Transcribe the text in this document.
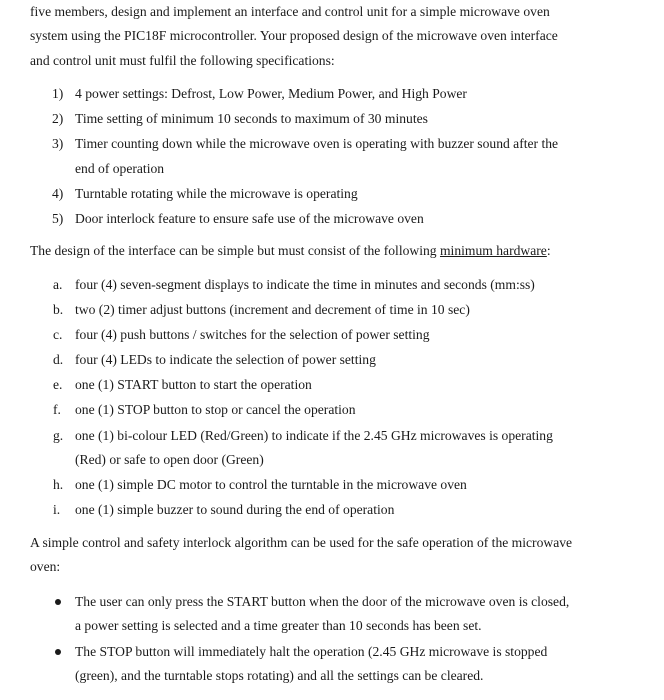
five members, design and implement an interface and control unit for a simple microwave oven
system using the PIC18F microcontroller. Your proposed design of the microwave oven interface
and control unit must fulfil the following specifications:
1) 4 power settings: Defrost, Low Power, Medium Power, and High Power
2) Time setting of minimum 10 seconds to maximum of 30 minutes
3) Timer counting down while the microwave oven is operating with buzzer sound after the
end of operation
4) Turntable rotating while the microwave is operating
5) Door interlock feature to ensure safe use of the microwave oven
The design of the interface can be simple but must consist of the following minimum hardware:
a. four (4) seven-segment displays to indicate the time in minutes and seconds (mm:ss)
b. two (2) timer adjust buttons (increment and decrement of time in 10 sec)
c. four (4) push buttons / switches for the selection of power setting
d. four (4) LEDs to indicate the selection of power setting
e. one (1) START button to start the operation
f. one (1) STOP button to stop or cancel the operation
g. one (1) bi-colour LED (Red/Green) to indicate if the 2.45 GHz microwaves is operating
(Red) or safe to open door (Green)
h. one (1) simple DC motor to control the turntable in the microwave oven
i. one (1) simple buzzer to sound during the end of operation
A simple control and safety interlock algorithm can be used for the safe operation of the microwave
oven:
The user can only press the START button when the door of the microwave oven is closed,
a power setting is selected and a time greater than 10 seconds has been set.
The STOP button will immediately halt the operation (2.45 GHz microwave is stopped
(green), and the turntable stops rotating) and all the settings can be cleared.
